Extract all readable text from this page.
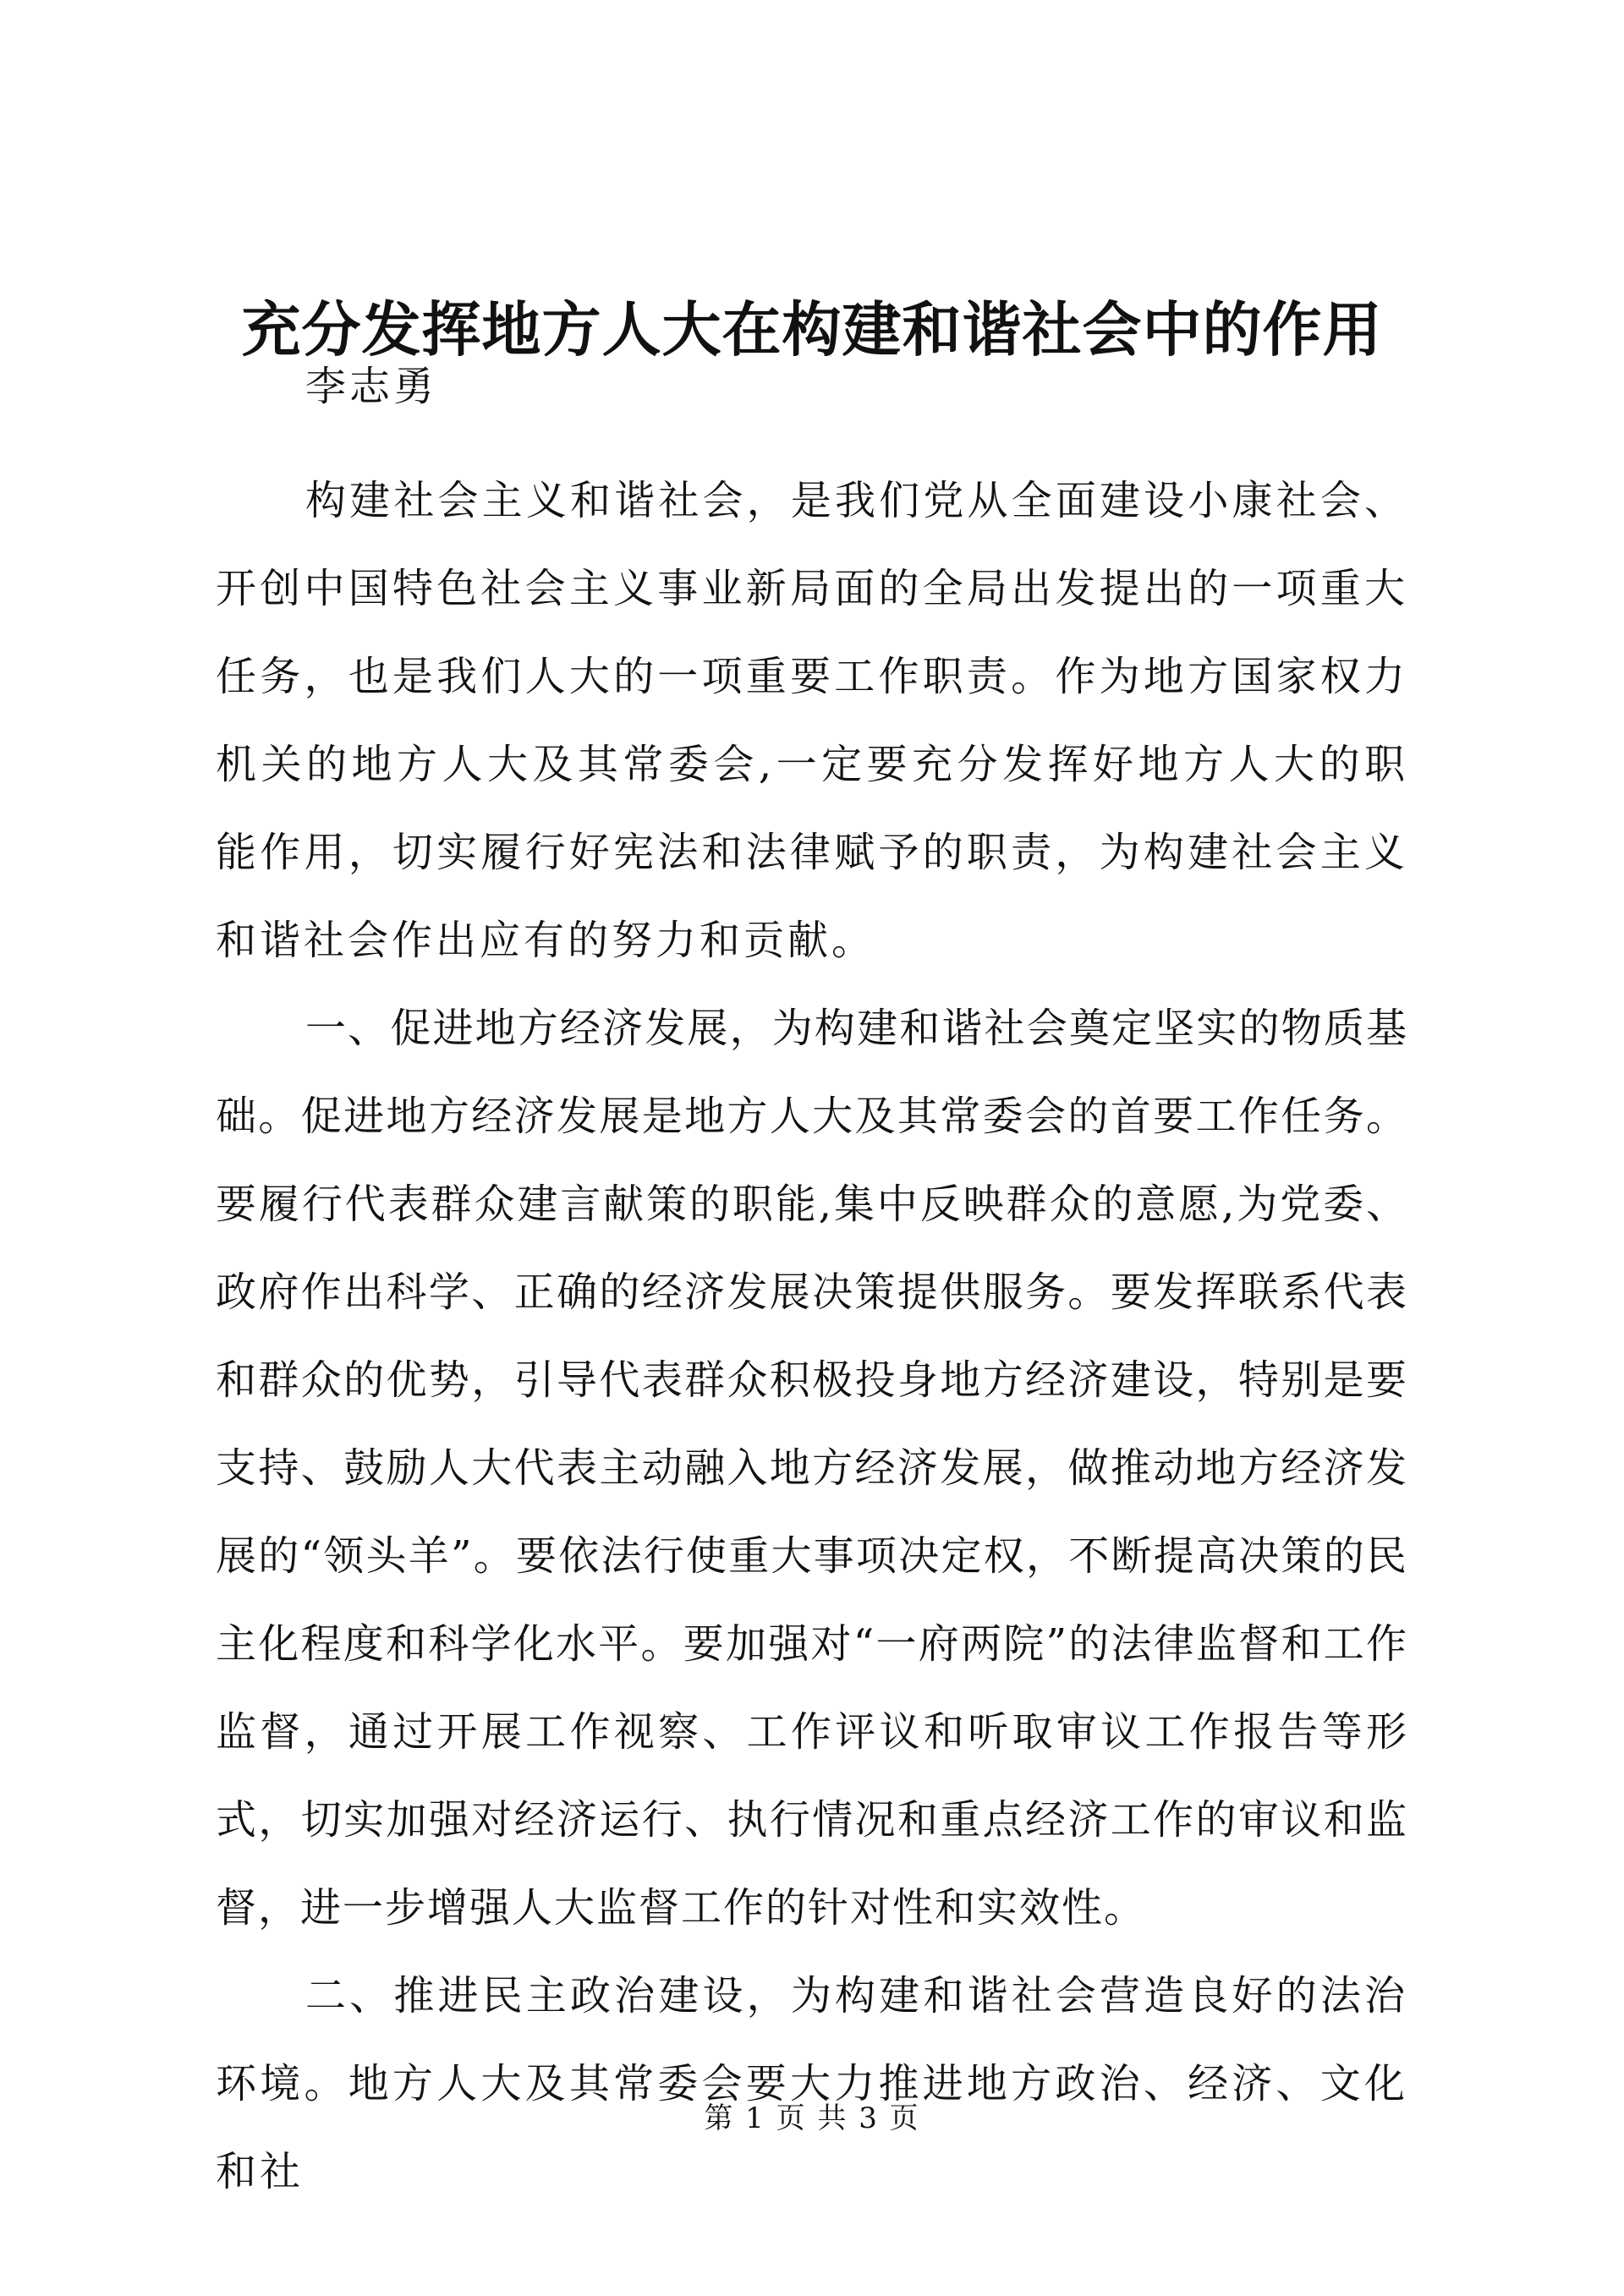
充分发挥地方人大在构建和谐社会中的作用
李志勇

构建社会主义和谐社会，是我们党从全面建设小康社会、开创中国特色社会主义事业新局面的全局出发提出的一项重大任务，也是我们人大的一项重要工作职责。作为地方国家权力机关的地方人大及其常委会,一定要充分发挥好地方人大的职能作用，切实履行好宪法和法律赋予的职责，为构建社会主义和谐社会作出应有的努力和贡献。

一、促进地方经济发展，为构建和谐社会奠定坚实的物质基础。促进地方经济发展是地方人大及其常委会的首要工作任务。要履行代表群众建言献策的职能,集中反映群众的意愿,为党委、政府作出科学、正确的经济发展决策提供服务。要发挥联系代表和群众的优势，引导代表群众积极投身地方经济建设，特别是要支持、鼓励人大代表主动融入地方经济发展，做推动地方经济发展的“领头羊”。要依法行使重大事项决定权，不断提高决策的民主化程度和科学化水平。要加强对“一府两院”的法律监督和工作监督，通过开展工作视察、工作评议和听取审议工作报告等形式，切实加强对经济运行、执行情况和重点经济工作的审议和监督，进一步增强人大监督工作的针对性和实效性。

二、推进民主政治建设，为构建和谐社会营造良好的法治环境。地方人大及其常委会要大力推进地方政治、经济、文化和社

第 1 页 共 3 页
